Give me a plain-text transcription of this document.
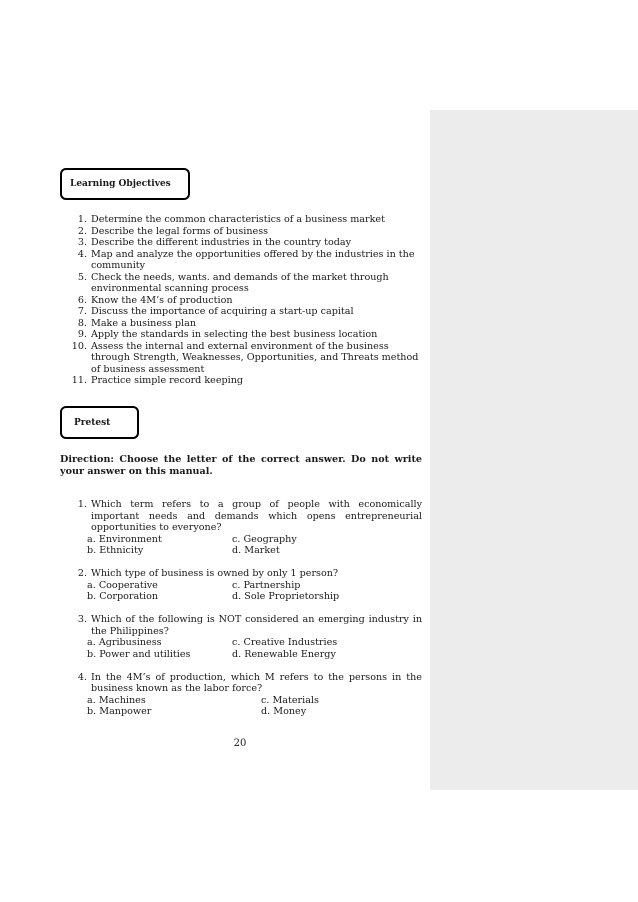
Learning Objectives
1. Determine the common characteristics of a business market
2. Describe the legal forms of business
3. Describe the different industries in the country today
4. Map and analyze the opportunities offered by the industries in the community
5. Check the needs, wants. and demands of the market through environmental scanning process
6. Know the 4M’s of production
7. Discuss the importance of acquiring a start-up capital
8. Make a business plan
9. Apply the standards in selecting the best business location
10. Assess the internal and external environment of the business through Strength, Weaknesses, Opportunities, and Threats method of business assessment
11. Practice simple record keeping
Pretest
Direction: Choose the letter of the correct answer. Do not write your answer on this manual.
1. Which term refers to a group of people with economically important needs and demands which opens entrepreneurial opportunities to everyone?
a. Environment	c. Geography
b. Ethnicity	d. Market
2. Which type of business is owned by only 1 person?
a. Cooperative	c. Partnership
b. Corporation	d. Sole Proprietorship
3. Which of the following is NOT considered an emerging industry in the Philippines?
a. Agribusiness	c. Creative Industries
b. Power and utilities	d. Renewable Energy
4. In the 4M’s of production, which M refers to the persons in the business known as the labor force?
a. Machines	c. Materials
b. Manpower	d. Money
20
